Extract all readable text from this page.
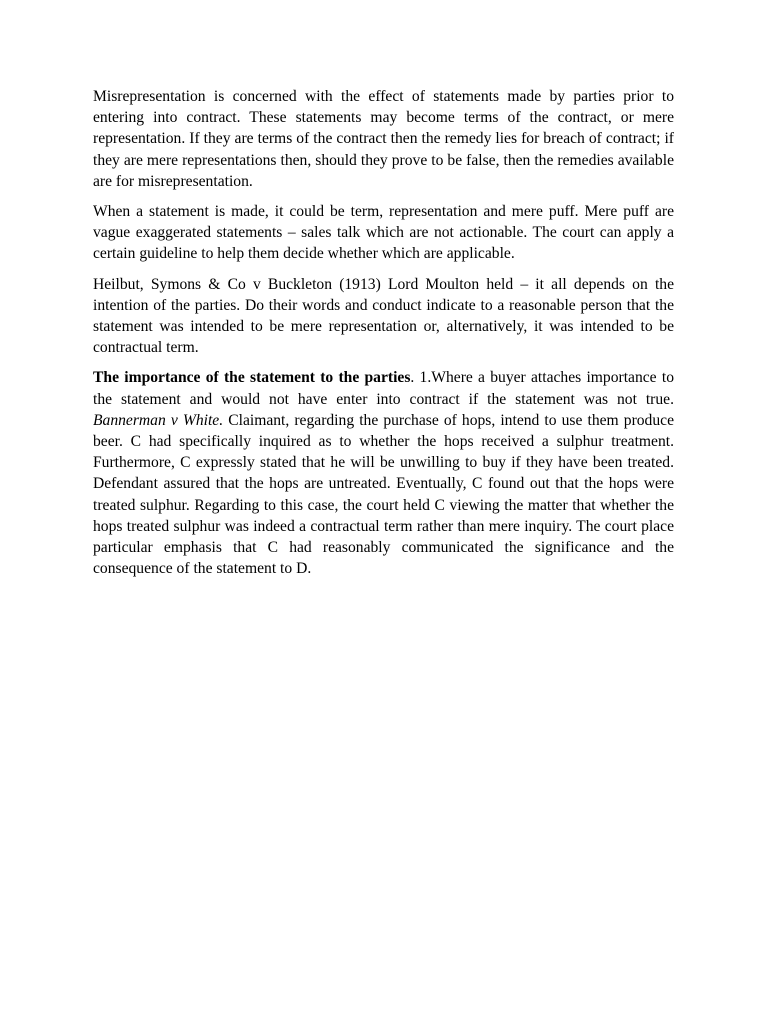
Misrepresentation is concerned with the effect of statements made by parties prior to entering into contract. These statements may become terms of the contract, or mere representation. If they are terms of the contract then the remedy lies for breach of contract; if they are mere representations then, should they prove to be false, then the remedies available are for misrepresentation.

When a statement is made, it could be term, representation and mere puff. Mere puff are vague exaggerated statements – sales talk which are not actionable. The court can apply a certain guideline to help them decide whether which are applicable.

Heilbut, Symons & Co v Buckleton (1913) Lord Moulton held – it all depends on the intention of the parties. Do their words and conduct indicate to a reasonable person that the statement was intended to be mere representation or, alternatively, it was intended to be contractual term.

The importance of the statement to the parties. 1.Where a buyer attaches importance to the statement and would not have enter into contract if the statement was not true. Bannerman v White. Claimant, regarding the purchase of hops, intend to use them produce beer. C had specifically inquired as to whether the hops received a sulphur treatment. Furthermore, C expressly stated that he will be unwilling to buy if they have been treated. Defendant assured that the hops are untreated. Eventually, C found out that the hops were treated sulphur. Regarding to this case, the court held C viewing the matter that whether the hops treated sulphur was indeed a contractual term rather than mere inquiry. The court place particular emphasis that C had reasonably communicated the significance and the consequence of the statement to D.
